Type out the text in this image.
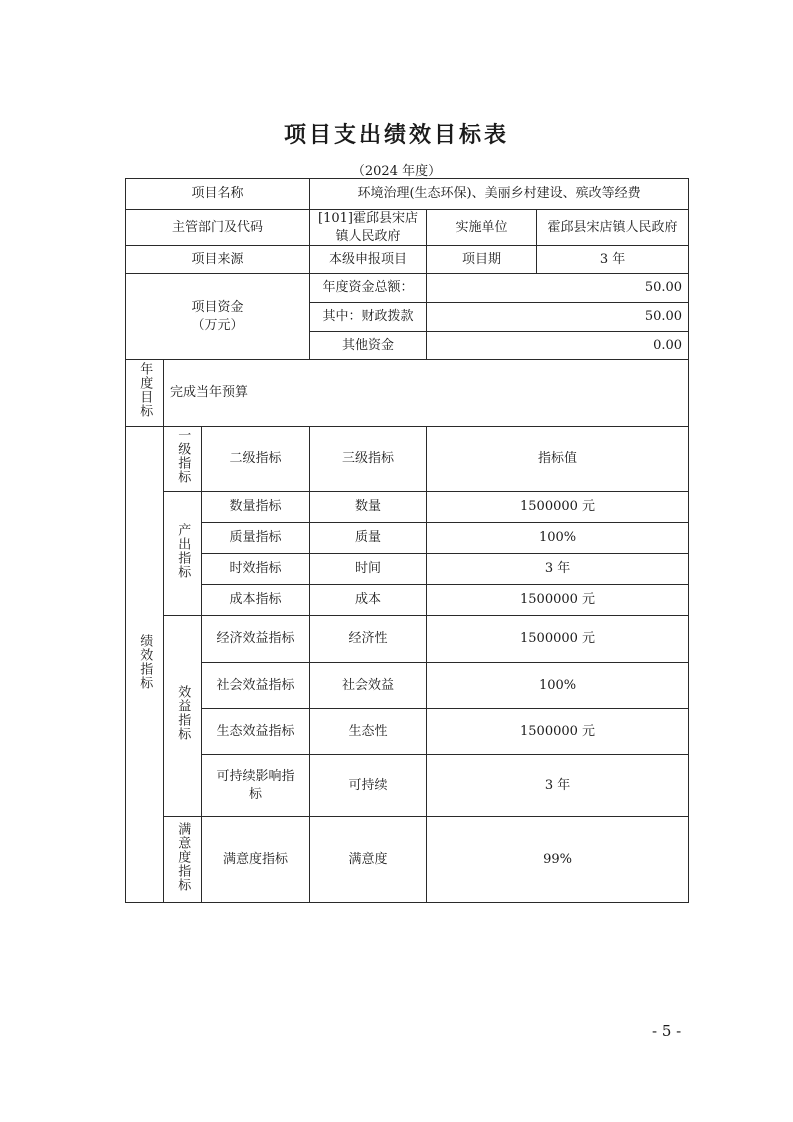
项目支出绩效目标表
（2024 年度）
项目名称			环境治理(生态环保)、美丽乡村建设、殡改等经费		
主管部门及代码			[101]霍邱县宋店镇人民政府	实施单位	霍邱县宋店镇人民政府
项目来源			本级申报项目	项目期	3 年
项目资金（万元）			年度资金总额：	50.00	
			其中：财政拨款	50.00	
			其他资金	0.00	
年度目标	完成当年预算				
绩效指标	一级指标	二级指标	三级指标	指标值	
	产出指标	数量指标	数量	1500000 元	
		质量指标	质量	100%	
		时效指标	时间	3 年	
		成本指标	成本	1500000 元	
	效益指标	经济效益指标	经济性	1500000 元	
		社会效益指标	社会效益	100%	
		生态效益指标	生态性	1500000 元	
		可持续影响指标	可持续	3 年	
	满意度指标	满意度指标	满意度	99%	
- 5 -
